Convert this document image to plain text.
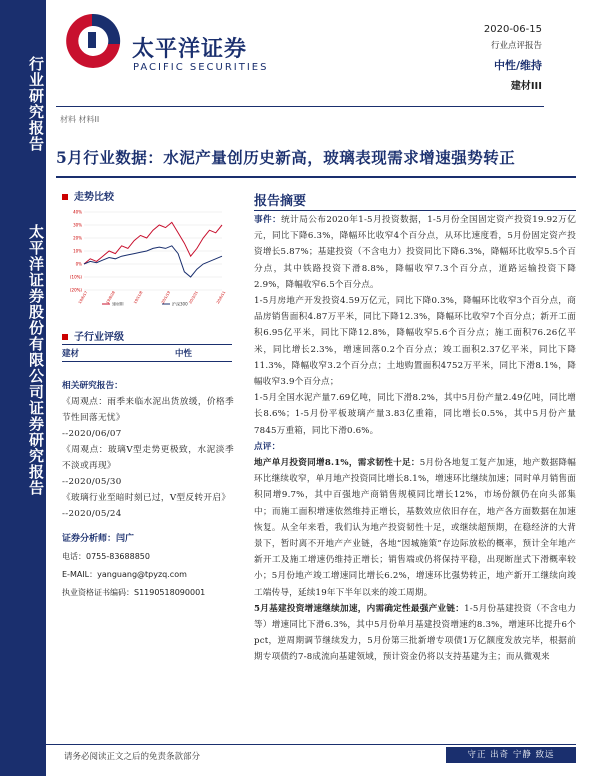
行业研究报告
太平洋证券股份有限公司证券研究报告
太平洋证券
PACIFIC SECURITIES
2020-06-15
行业点评报告
中性/维持
建材III
材料 材料II
5月行业数据：水泥产量创历史新高，玻璃表现需求增速强势转正
走势比较
(20%)
(10%)
0%
10%
20%
30%
40%
19/6/17	19/8/28	19/11/8	20/1/19	20/3/31	20/6/11
建材III	沪深300
子行业评级
建材	中性
相关研究报告：

《周观点：雨季来临水泥出货放缓，价格季节性回落无忧》

--2020/06/07

《周观点：玻璃V型走势更极致，水泥淡季不淡或再现》

--2020/05/30

《玻璃行业至暗时刻已过，V型反转开启》

--2020/05/24

证券分析师：闫广
电话：0755-83688850
E-MAIL：yanguang@tpyzq.com
执业资格证书编码：S1190518090001
报告摘要

事件：统计局公布2020年1-5月投资数据，1-5月份全国固定资产投资19.92万亿元，同比下降6.3%，降幅环比收窄4个百分点，从环比速度看，5月份固定资产投资增长5.87%；基建投资（不含电力）投资同比下降6.3%，降幅环比收窄5.5个百分点，其中铁路投资下滑8.8%，降幅收窄7.3个百分点，道路运输投资下降2.9%，降幅收窄6.5个百分点。

1-5月房地产开发投资4.59万亿元，同比下降0.3%，降幅环比收窄3个百分点，商品房销售面积4.87万平米，同比下降12.3%，降幅环比收窄7个百分点；新开工面积6.95亿平米，同比下降12.8%，降幅收窄5.6个百分点；施工面积76.26亿平米，同比增长2.3%，增速回落0.2个百分点；竣工面积2.37亿平米，同比下降11.3%，降幅收窄3.2个百分点；土地购置面积4752万平米，同比下滑8.1%，降幅收窄3.9个百分点；

1-5月全国水泥产量7.69亿吨，同比下滑8.2%，其中5月份产量2.49亿吨，同比增长8.6%；1-5月份平板玻璃产量3.83亿重箱，同比增长0.5%，其中5月份产量7845万重箱，同比下滑0.6%。

点评：

地产单月投资同增8.1%，需求韧性十足：5月份各地复工复产加速，地产数据降幅环比继续收窄，单月地产投资同比增长8.1%，增速环比继续加速；同时单月销售面积同增9.7%，其中百强地产商销售规模同比增长12%，市场份额仍在向头部集中；而施工面积增速依然维持正增长，基数效应依旧存在，地产各方面数据在加速恢复。从全年来看，我们认为地产投资韧性十足，或继续超预期，在稳经济的大背景下，暂时离不开地产产业链，各地“因城施策”存边际放松的概率，预计全年地产新开工及施工增速仍维持正增长；销售端或仍将保持平稳，出现断崖式下滑概率较小；5月份地产竣工增速同比增长6.2%，增速环比强势转正，地产新开工继续向竣工端传导，延续19年下半年以来的竣工周期。

5月基建投资增速继续加速，内需确定性最强产业链：1-5月份基建投资（不含电力等）增速同比下滑6.3%，其中5月份单月基建投资增速约8.3%，增速环比提升6个pct，逆周期调节继续发力，5月份第三批新增专项债1万亿额度发放完毕，根据前期专项债约7-8成流向基建领域，预计资金仍将以支持基建为主；而从微观来

请务必阅读正文之后的免责条款部分	守正 出奇 宁静 致远
